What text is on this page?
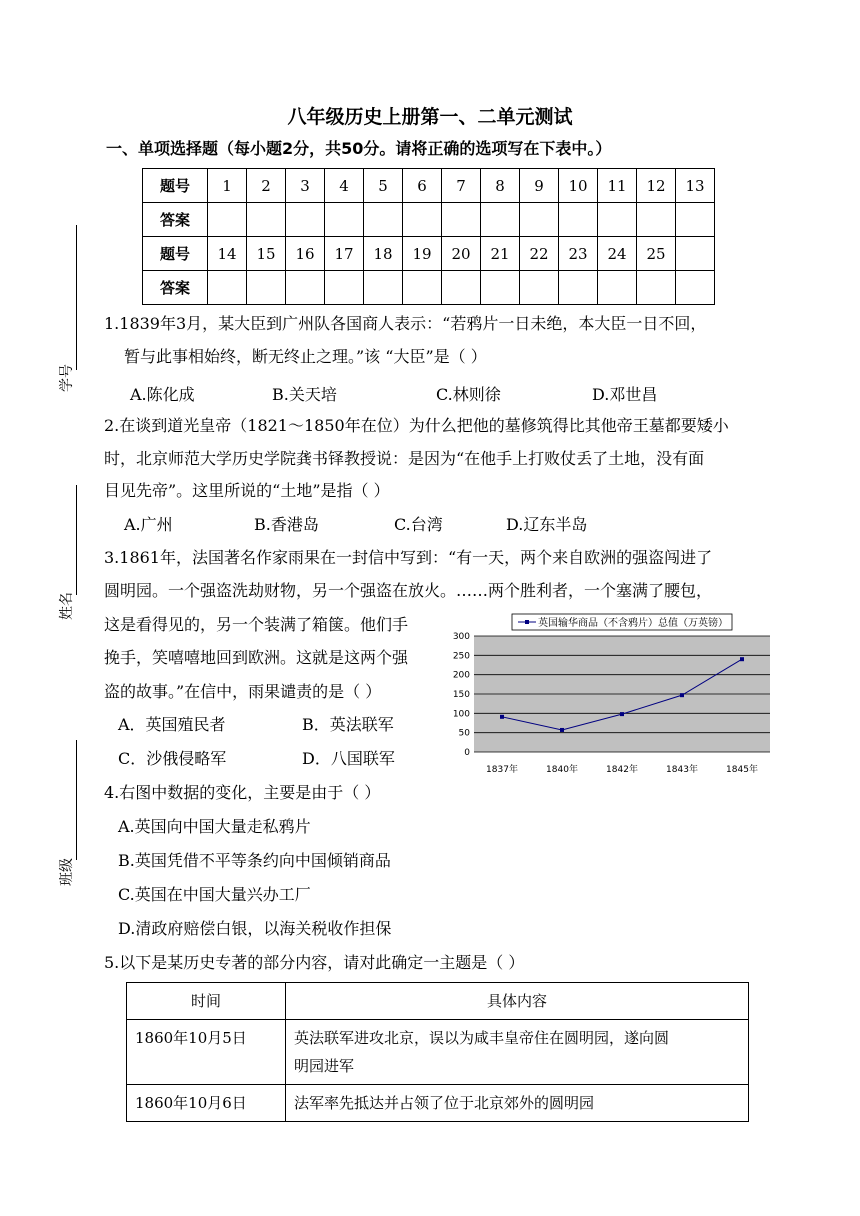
八年级历史上册第一、二单元测试
一、单项选择题（每小题2分，共50分。请将正确的选项写在下表中。）
题号	1	2	3	4	5	6	7	8	9	10	11	12	13
答案													
题号	14	15	16	17	18	19	20	21	22	23	24	25	
答案													
学号
姓名
班级
1.1839年3月，某大臣到广州队各国商人表示：“若鸦片一日未绝，本大臣一日不回，
暂与此事相始终，断无终止之理。”该 “大臣”是（ ）
A.陈化成	B.关天培	C.林则徐	D.邓世昌
2.在谈到道光皇帝（1821～1850年在位）为什么把他的墓修筑得比其他帝王墓都要矮小
时，北京师范大学历史学院龚书铎教授说：是因为“在他手上打败仗丢了土地，没有面
目见先帝”。这里所说的“土地”是指（ ）
A.广州	B.香港岛	C.台湾	D.辽东半岛
3.1861年，法国著名作家雨果在一封信中写到：“有一天，两个来自欧洲的强盗闯进了
圆明园。一个强盗洗劫财物，另一个强盗在放火。……两个胜利者，一个塞满了腰包，
这是看得见的，另一个装满了箱箧。他们手
挽手，笑嘻嘻地回到欧洲。这就是这两个强
盗的故事。”在信中，雨果谴责的是（ ）
A．英国殖民者	B．英法联军
C．沙俄侵略军	D．八国联军	0
50
100
150
200
250
300
1837年	1840年	1842年	1843年	1845年
英国输华商品（不含鸦片）总值（万英镑）
4.右图中数据的变化，主要是由于（ ）
A.英国向中国大量走私鸦片
B.英国凭借不平等条约向中国倾销商品
C.英国在中国大量兴办工厂
D.清政府赔偿白银，以海关税收作担保
5.以下是某历史专著的部分内容，请对此确定一主题是（ ）
时间	具体内容
1860年10月5日	英法联军进攻北京，误以为咸丰皇帝住在圆明园，遂向圆
明园进军

1860年10月6日	法军率先抵达并占领了位于北京郊外的圆明园
